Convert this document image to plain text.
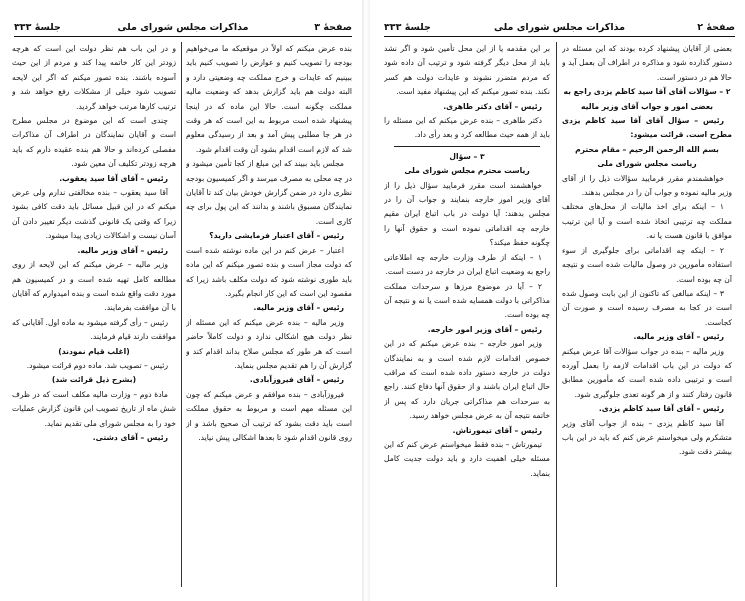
صفحهٔ ۳
مذاکرات مجلس شورای ملی
جلسهٔ ۳۳۳

بنده عرض میکنم که اولاً در موقعیکه ما می‌خواهیم بودجه را تصویب کنیم و عوارض را تصویب کنیم باید ببینیم که عایدات و خرج مملکت چه وضعیتی دارد و البته دولت هم باید گزارش بدهد که وضعیت مالیه مملکت چگونه است. حالا این ماده که در اینجا پیشنهاد شده است مربوط به این است که هر وقت در هر جا مطلبی پیش آمد و بعد از رسیدگی معلوم شد که لازم است اقدام بشود آن وقت اقدام شود.

مجلس باید ببیند که این مبلغ از کجا تأمین میشود و در چه محلی به مصرف میرسد و اگر کمیسیون بودجه نظری دارد در ضمن گزارش خودش بیان کند تا آقایان نمایندگان مسبوق باشند و بدانند که این پول برای چه کاری است.

رئیس – آقای اعتبار فرمایشی دارید؟

اعتبار – عرض کنم در این ماده نوشته شده است که دولت مجاز است و بنده تصور میکنم که این ماده باید طوری نوشته شود که دولت مکلف باشد زیرا که مقصود این است که این کار انجام بگیرد.

رئیس – آقای وزیر مالیه.

وزیر مالیه – بنده عرض میکنم که این مسئله از نظر دولت هیچ اشکالی ندارد و دولت کاملاً حاضر است که هر طور که مجلس صلاح بداند اقدام کند و گزارش آن را هم تقدیم مجلس بنماید.

رئیس – آقای فیروزآبادی.

فیروزآبادی – بنده موافقم و عرض میکنم که چون این مسئله مهم است و مربوط به حقوق مملکت است باید دقت بشود که ترتیب آن صحیح باشد و از روی قانون اقدام شود تا بعدها اشکالی پیش نیاید.

و در این باب هم نظر دولت این است که هرچه زودتر این کار خاتمه پیدا کند و مردم از این حیث آسوده باشند. بنده تصور میکنم که اگر این لایحه تصویب شود خیلی از مشکلات رفع خواهد شد و ترتیب کارها مرتب خواهد گردید.

چندی است که این موضوع در مجلس مطرح است و آقایان نمایندگان در اطراف آن مذاکرات مفصلی کرده‌اند و حالا هم بنده عقیده دارم که باید هرچه زودتر تکلیف آن معین شود.

رئیس – آقای آقا سید یعقوب.

آقا سید یعقوب – بنده مخالفتی ندارم ولی عرض میکنم که در این قبیل مسائل باید دقت کافی بشود زیرا که وقتی یک قانونی گذشت دیگر تغییر دادن آن آسان نیست و اشکالات زیادی پیدا میشود.

رئیس – آقای وزیر مالیه.

وزیر مالیه – عرض میکنم که این لایحه از روی مطالعه کامل تهیه شده است و در کمیسیون هم مورد دقت واقع شده است و بنده امیدوارم که آقایان با آن موافقت بفرمایند.

رئیس – رأی گرفته میشود به ماده اول. آقایانی که موافقت دارند قیام فرمایند.

(اغلب قیام نمودند)

رئیس – تصویب شد. ماده دوم قرائت میشود.

(بشرح ذیل قرائت شد)

مادهٔ دوم – وزارت مالیه مکلف است که در ظرف شش ماه از تاریخ تصویب این قانون گزارش عملیات خود را به مجلس شورای ملی تقدیم نماید.

رئیس – آقای دشتی.

صفحهٔ ۲
مذاکرات مجلس شورای ملی
جلسهٔ ۳۳۳

بعضی از آقایان پیشنهاد کرده بودند که این مسئله در دستور گذارده شود و مذاکره در اطراف آن بعمل آید و حالا هم در دستور است.

۲ – سؤالات آقای آقا سید کاظم یزدی راجع به بعضی امور و جواب آقای وزیر مالیه

رئیس – سؤال آقای آقا سید کاظم یزدی مطرح است. قرائت میشود:

بسم الله الرحمن الرحیم – مقام محترم ریاست مجلس شورای ملی

خواهشمندم مقرر فرمایید سؤالات ذیل را از آقای وزیر مالیه نموده و جواب آن را در مجلس بدهند.

۱ – اینکه برای اخذ مالیات از محل‌های مختلف مملکت چه ترتیبی اتخاذ شده است و آیا این ترتیب موافق با قانون هست یا نه.

۲ – اینکه چه اقداماتی برای جلوگیری از سوء استفاده مأمورین در وصول مالیات شده است و نتیجه آن چه بوده است.

۳ – اینکه مبالغی که تاکنون از این بابت وصول شده است در کجا به مصرف رسیده است و صورت آن کجاست.

رئیس – آقای وزیر مالیه.

وزیر مالیه – بنده در جواب سؤالات آقا عرض میکنم که دولت در این باب اقدامات لازمه را بعمل آورده است و ترتیبی داده شده است که مأمورین مطابق قانون رفتار کنند و از هر گونه تعدی جلوگیری شود.

رئیس – آقای آقا سید کاظم یزدی.

آقا سید کاظم یزدی – بنده از جواب آقای وزیر متشکرم ولی میخواستم عرض کنم که باید در این باب بیشتر دقت شود.

بر این مقدمه یا از این محل تأمین شود و اگر نشد باید از محل دیگر گرفته شود و ترتیب آن داده شود که مردم متضرر نشوند و عایدات دولت هم کسر نکند. بنده تصور میکنم که این پیشنهاد مفید است.

رئیس – آقای دکتر طاهری.

دکتر طاهری – بنده عرض میکنم که این مسئله را باید از همه حیث مطالعه کرد و بعد رأی داد.

۳ – سؤال

ریاست محترم مجلس شورای ملی

خواهشمند است مقرر فرمایید سؤال ذیل را از آقای وزیر امور خارجه بنمایند و جواب آن را در مجلس بدهند: آیا دولت در باب اتباع ایران مقیم خارجه چه اقداماتی نموده است و حقوق آنها را چگونه حفظ میکند؟

۱ – اینکه از طرف وزارت خارجه چه اطلاعاتی راجع به وضعیت اتباع ایران در خارجه در دست است.

۲ – آیا در موضوع مرزها و سرحدات مملکت مذاکراتی با دولت همسایه شده است یا نه و نتیجه آن چه بوده است.

رئیس – آقای وزیر امور خارجه.

وزیر امور خارجه – بنده عرض میکنم که در این خصوص اقدامات لازم شده است و به نمایندگان دولت در خارجه دستور داده شده است که مراقب حال اتباع ایران باشند و از حقوق آنها دفاع کنند. راجع به سرحدات هم مذاکراتی جریان دارد که پس از خاتمه نتیجه آن به عرض مجلس خواهد رسید.

رئیس – آقای تیمورتاش.

تیمورتاش – بنده فقط میخواستم عرض کنم که این مسئله خیلی اهمیت دارد و باید دولت جدیت کامل بنماید.
